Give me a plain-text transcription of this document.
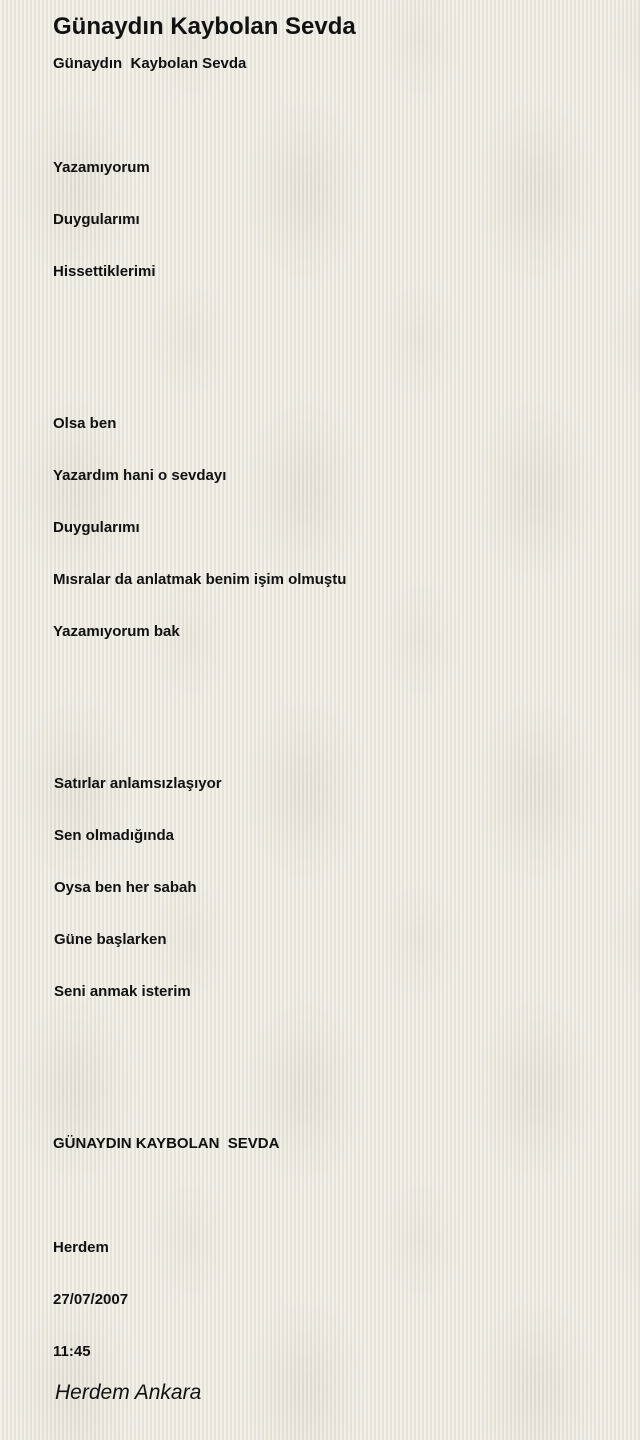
Günaydın Kaybolan Sevda
Günaydın  Kaybolan Sevda
Yazamıyorum
Duygularımı
Hissettiklerimi
Olsa ben
Yazardım hani o sevdayı
Duygularımı
Mısralar da anlatmak benim işim olmuştu
Yazamıyorum bak
Satırlar anlamsızlaşıyor
Sen olmadığında
Oysa ben her sabah
Güne başlarken
Seni anmak isterim
GÜNAYDIN KAYBOLAN  SEVDA
Herdem
27/07/2007
11:45
Herdem Ankara
